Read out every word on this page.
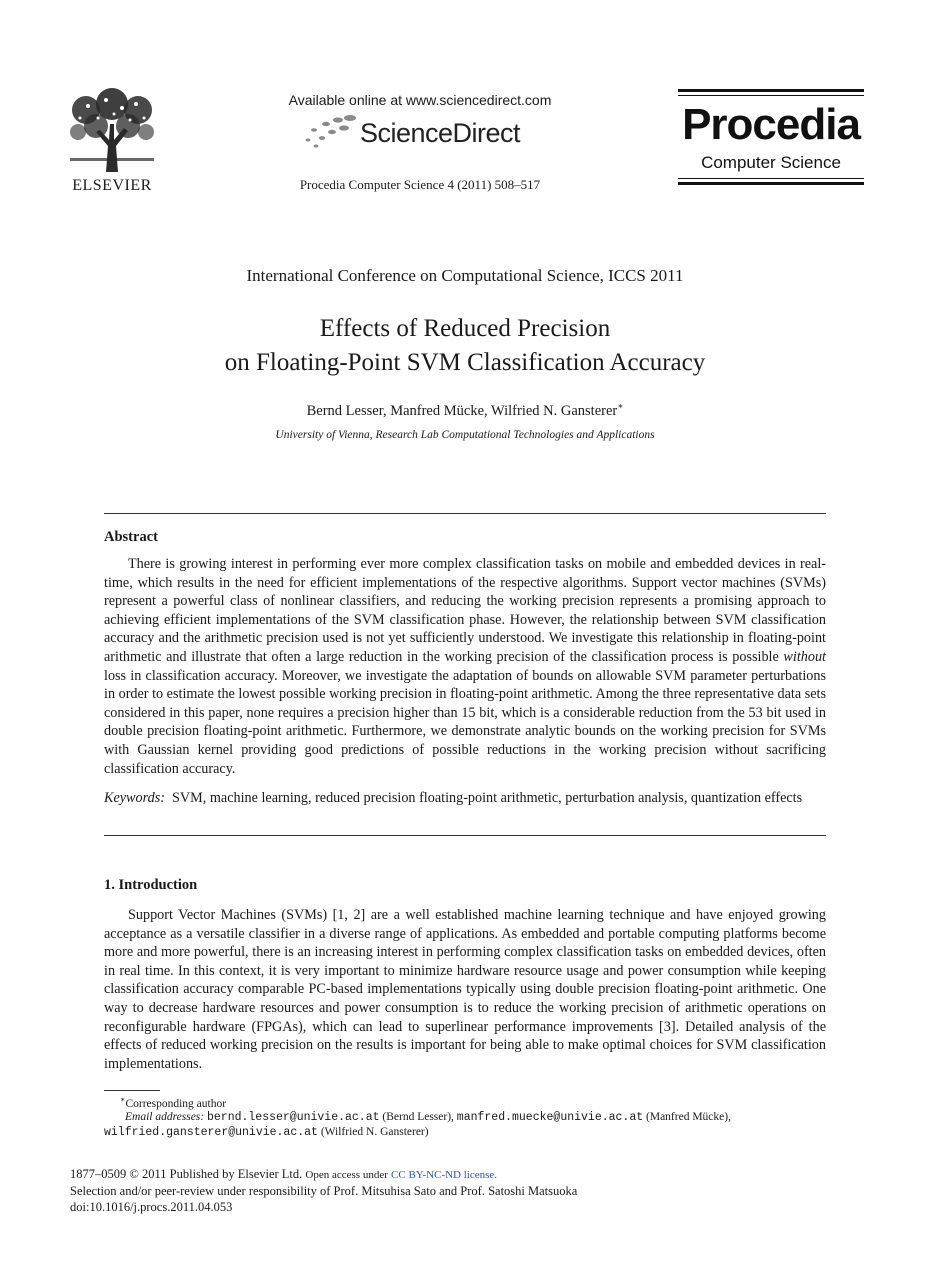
ELSEVIER
Available online at www.sciencedirect.com
ScienceDirect
Procedia Computer Science 4 (2011) 508–517
Procedia
Computer Science
International Conference on Computational Science, ICCS 2011
Effects of Reduced Precision
on Floating-Point SVM Classification Accuracy
Bernd Lesser, Manfred Mücke, Wilfried N. Gansterer∗
University of Vienna, Research Lab Computational Technologies and Applications
Abstract

There is growing interest in performing ever more complex classification tasks on mobile and embedded devices in real-time, which results in the need for efficient implementations of the respective algorithms. Support vector machines (SVMs) represent a powerful class of nonlinear classifiers, and reducing the working precision represents a promising approach to achieving efficient implementations of the SVM classification phase. However, the relationship between SVM classification accuracy and the arithmetic precision used is not yet sufficiently understood. We investigate this relationship in floating-point arithmetic and illustrate that often a large reduction in the working precision of the classification process is possible without loss in classification accuracy. Moreover, we investigate the adaptation of bounds on allowable SVM parameter perturbations in order to estimate the lowest possible working precision in floating-point arithmetic. Among the three representative data sets considered in this paper, none requires a precision higher than 15 bit, which is a considerable reduction from the 53 bit used in double precision floating-point arithmetic. Furthermore, we demonstrate analytic bounds on the working precision for SVMs with Gaussian kernel providing good predictions of possible reductions in the working precision without sacrificing classification accuracy.

Keywords: SVM, machine learning, reduced precision floating-point arithmetic, perturbation analysis, quantization effects

1. Introduction

Support Vector Machines (SVMs) [1, 2] are a well established machine learning technique and have enjoyed growing acceptance as a versatile classifier in a diverse range of applications. As embedded and portable computing platforms become more and more powerful, there is an increasing interest in performing complex classification tasks on embedded devices, often in real time. In this context, it is very important to minimize hardware resource usage and power consumption while keeping classification accuracy comparable PC-based implementations typically using double precision floating-point arithmetic. One way to decrease hardware resources and power consumption is to reduce the working precision of arithmetic operations on reconfigurable hardware (FPGAs), which can lead to superlinear performance improvements [3]. Detailed analysis of the effects of reduced working precision on the results is important for being able to make optimal choices for SVM classification implementations.

∗Corresponding author
Email addresses: bernd.lesser@univie.ac.at (Bernd Lesser), manfred.muecke@univie.ac.at (Manfred Mücke),
wilfried.gansterer@univie.ac.at (Wilfried N. Gansterer)
1877–0509 © 2011 Published by Elsevier Ltd. Open access under CC BY-NC-ND license.
Selection and/or peer-review under responsibility of Prof. Mitsuhisa Sato and Prof. Satoshi Matsuoka
doi:10.1016/j.procs.2011.04.053
